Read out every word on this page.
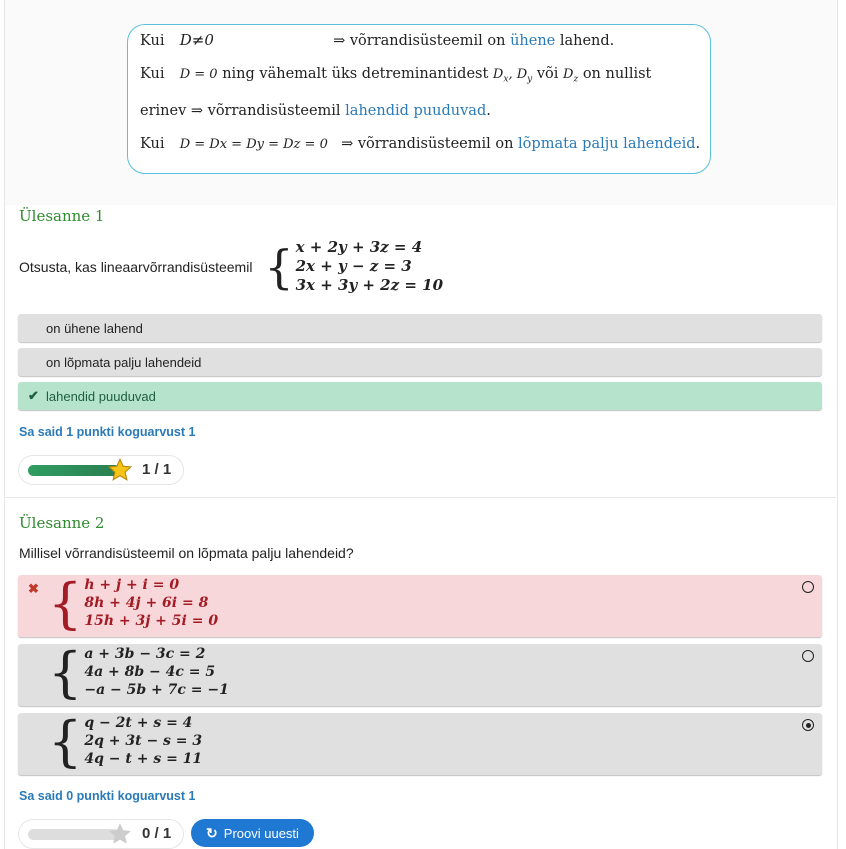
Kui D≠0	⇒ võrrandisüsteemil on ühene lahend.
Kui D = 0 ning vähemalt üks detreminantidest $D_x$, $D_y$ või $D_z$ on nullist
erinev ⇒ võrrandisüsteemil lahendid puuduvad.
Kui D = Dx = Dy = Dz = 0 ⇒ võrrandisüsteemil on lõpmata palju lahendeid.
Ülesanne 1
Otsusta, kas lineaarvõrrandisüsteemil { x + 2y + 3z = 4
2x + y − z = 3
3x + 3y + 2z = 10
on ühene lahend
on lõpmata palju lahendeid
✔ lahendid puuduvad
Sa said 1 punkti koguarvust 1
1 / 1
Ülesanne 2
Millisel võrrandisüsteemil on lõpmata palju lahendeid?
✖ { h + j + i = 0
8h + 4j + 6i = 8
15h + 3j + 5i = 0
{ a + 3b − 3c = 2
4a + 8b − 4c = 5
−a − 5b + 7c = −1
{ q − 2t + s = 4
2q + 3t − s = 3
4q − t + s = 11
Sa said 0 punkti koguarvust 1
0 / 1 ↻ Proovi uuesti
